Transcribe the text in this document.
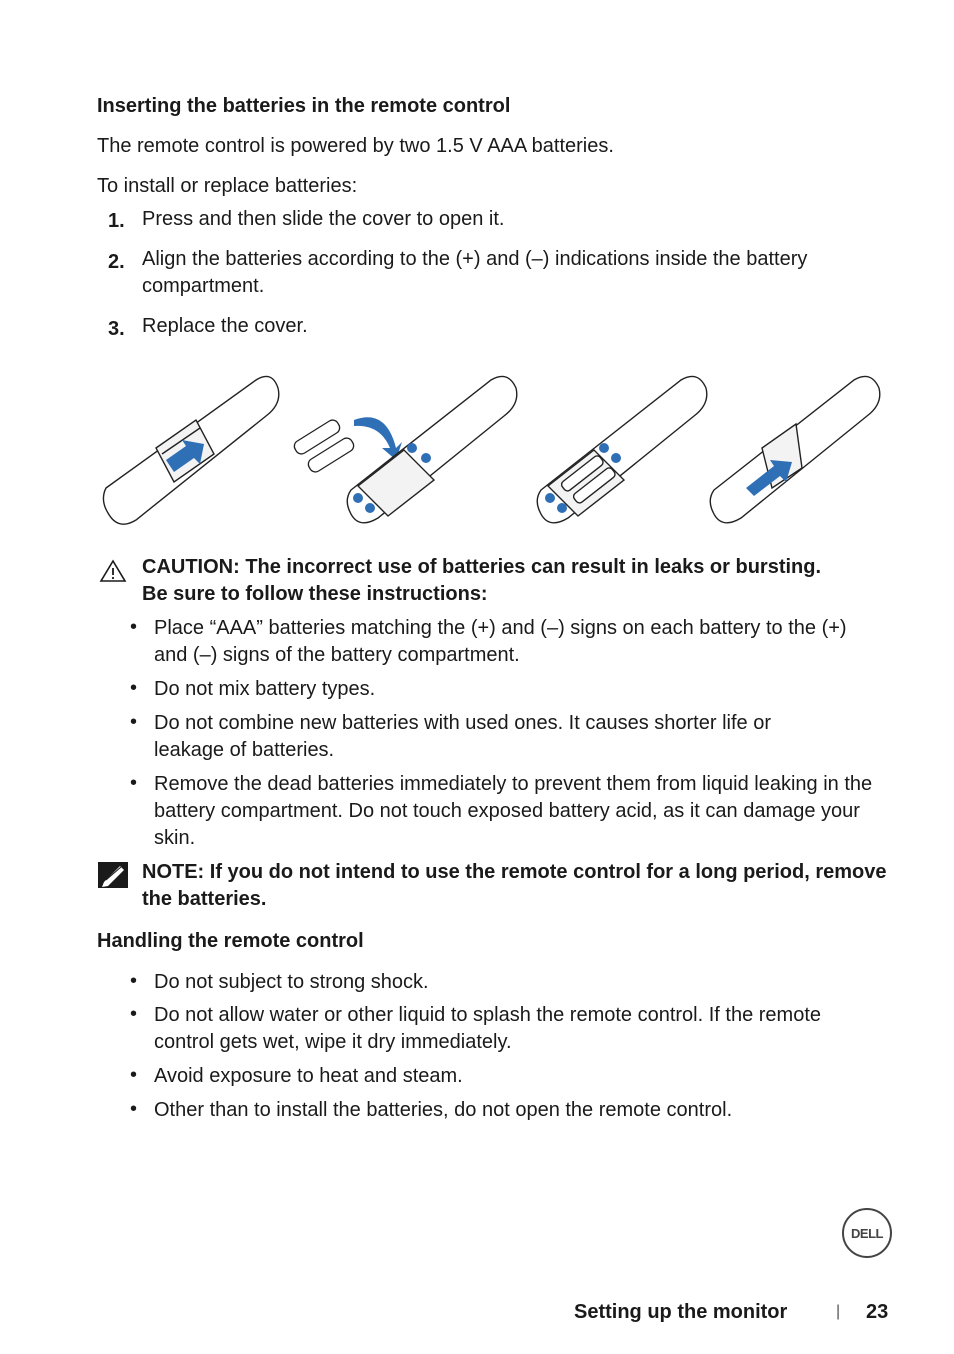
Inserting the batteries in the remote control
The remote control is powered by two 1.5 V AAA batteries.
To install or replace batteries:
1. Press and then slide the cover to open it.
2. Align the batteries according to the (+) and (–) indications inside the battery compartment.
3. Replace the cover.
CAUTION: The incorrect use of batteries can result in leaks or bursting. Be sure to follow these instructions:
• Place “AAA” batteries matching the (+) and (–) signs on each battery to the (+) and (–) signs of the battery compartment.
• Do not mix battery types.
• Do not combine new batteries with used ones. It causes shorter life or leakage of batteries.
• Remove the dead batteries immediately to prevent them from liquid leaking in the battery compartment. Do not touch exposed battery acid, as it can damage your skin.
NOTE: If you do not intend to use the remote control for a long period, remove the batteries.
Handling the remote control
• Do not subject to strong shock.
• Do not allow water or other liquid to splash the remote control. If the remote control gets wet, wipe it dry immediately.
• Avoid exposure to heat and steam.
• Other than to install the batteries, do not open the remote control.
DELL
Setting up the monitor	| 23
